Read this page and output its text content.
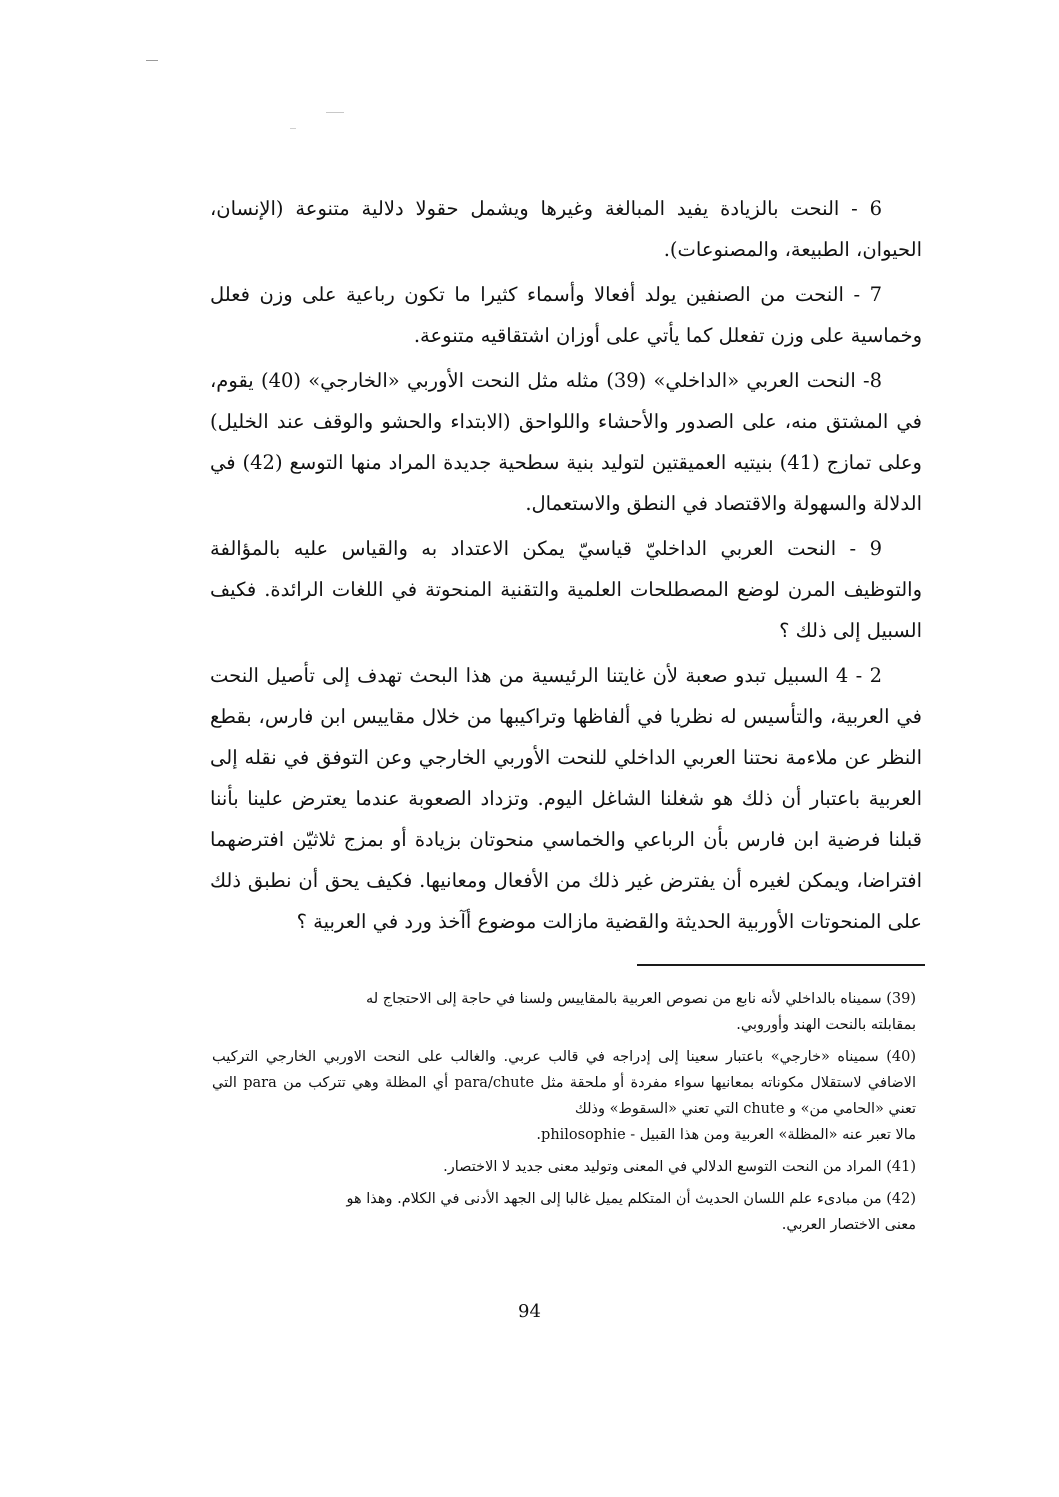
6 - النحت بالزيادة يفيد المبالغة وغيرها ويشمل حقولا دلالية متنوعة (الإنسان، الحيوان، الطبيعة، والمصنوعات).

7 - النحت من الصنفين يولد أفعالا وأسماء كثيرا ما تكون رباعية على وزن فعلل وخماسية على وزن تفعلل كما يأتي على أوزان اشتقاقيه متنوعة.

8- النحت العربي «الداخلي» (39) مثله مثل النحت الأوربي «الخارجي» (40) يقوم، في المشتق منه، على الصدور والأحشاء واللواحق (الابتداء والحشو والوقف عند الخليل) وعلى تمازج (41) بنيتيه العميقتين لتوليد بنية سطحية جديدة المراد منها التوسع (42) في الدلالة والسهولة والاقتصاد في النطق والاستعمال.

9 - النحت العربي الداخليّ قياسيّ يمكن الاعتداد به والقياس عليه بالمؤالفة والتوظيف المرن لوضع المصطلحات العلمية والتقنية المنحوتة في اللغات الرائدة. فكيف السبيل إلى ذلك ؟

2 - 4 السبيل تبدو صعبة لأن غايتنا الرئيسية من هذا البحث تهدف إلى تأصيل النحت في العربية، والتأسيس له نظريا في ألفاظها وتراكيبها من خلال مقاييس ابن فارس، بقطع النظر عن ملاءمة نحتنا العربي الداخلي للنحت الأوربي الخارجي وعن التوفق في نقله إلى العربية باعتبار أن ذلك هو شغلنا الشاغل اليوم. وتزداد الصعوبة عندما يعترض علينا بأننا قبلنا فرضية ابن فارس بأن الرباعي والخماسي منحوتان بزيادة أو بمزج ثلاثيّن افترضهما افتراضا، ويمكن لغيره أن يفترض غير ذلك من الأفعال ومعانيها. فكيف يحق أن نطبق ذلك على المنحوتات الأوربية الحديثة والقضية مازالت موضوع أآخذ ورد في العربية ؟

(39) سميناه بالداخلي لأنه نابع من نصوص العربية بالمقاييس ولسنا في حاجة إلى الاحتجاج له
بمقابلته بالنحت الهند وأوروبي.

(40) سميناه «خارجي» باعتبار سعينا إلى إدراجه في قالب عربي. والغالب على النحت الاوربي الخارجي التركيب الاضافي لاستقلال مكوناته بمعانيها سواء مفردة أو ملحقة مثل para/chute أي المظلة وهي تتركب من para التي تعني «الحامي من» و chute التي تعني «السقوط» وذلك
مالا تعبر عنه «المظلة» العربية ومن هذا القبيل - philosophie.

(41) المراد من النحت التوسع الدلالي في المعنى وتوليد معنى جديد لا الاختصار.

(42) من مبادىء علم اللسان الحديث أن المتكلم يميل غالبا إلى الجهد الأدنى في الكلام. وهذا هو
معنى الاختصار العربي.

94
